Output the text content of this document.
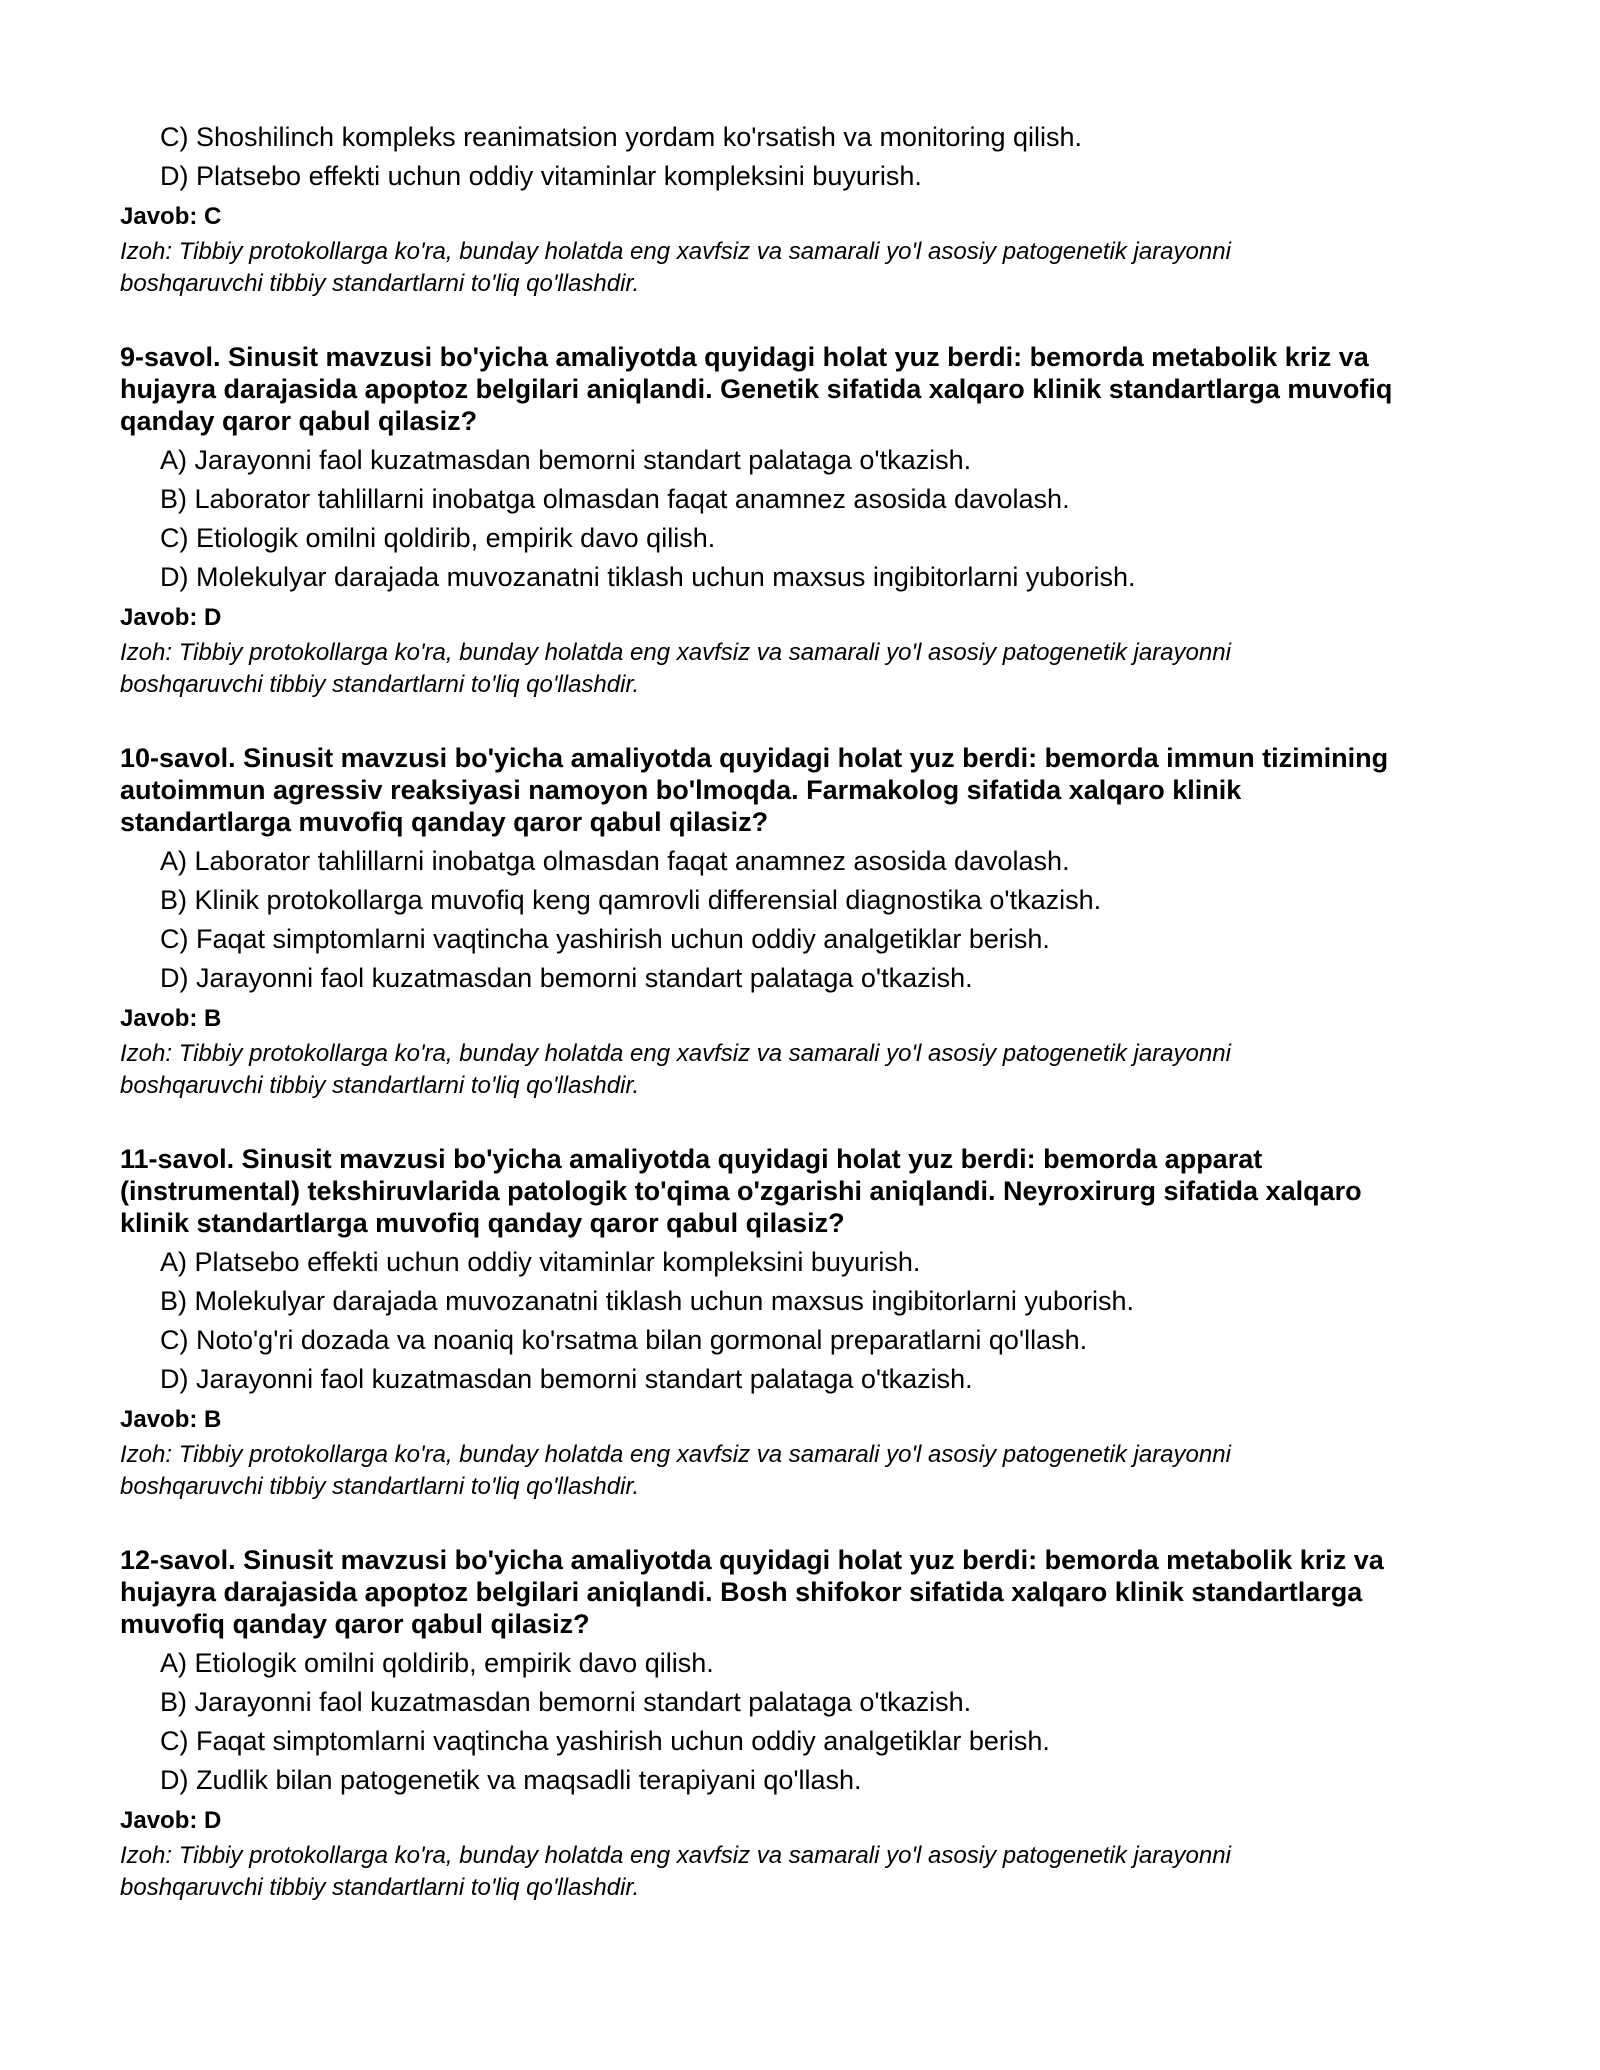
C) Shoshilinch kompleks reanimatsion yordam ko'rsatish va monitoring qilish.
D) Platsebo effekti uchun oddiy vitaminlar kompleksini buyurish.
Javob: C
Izoh: Tibbiy protokollarga ko'ra, bunday holatda eng xavfsiz va samarali yo'l asosiy patogenetik jarayonni
boshqaruvchi tibbiy standartlarni to'liq qo'llashdir.
9-savol. Sinusit mavzusi bo'yicha amaliyotda quyidagi holat yuz berdi: bemorda metabolik kriz va
hujayra darajasida apoptoz belgilari aniqlandi. Genetik sifatida xalqaro klinik standartlarga muvofiq
qanday qaror qabul qilasiz?
A) Jarayonni faol kuzatmasdan bemorni standart palataga o'tkazish.
B) Laborator tahlillarni inobatga olmasdan faqat anamnez asosida davolash.
C) Etiologik omilni qoldirib, empirik davo qilish.
D) Molekulyar darajada muvozanatni tiklash uchun maxsus ingibitorlarni yuborish.
Javob: D
Izoh: Tibbiy protokollarga ko'ra, bunday holatda eng xavfsiz va samarali yo'l asosiy patogenetik jarayonni
boshqaruvchi tibbiy standartlarni to'liq qo'llashdir.
10-savol. Sinusit mavzusi bo'yicha amaliyotda quyidagi holat yuz berdi: bemorda immun tizimining
autoimmun agressiv reaksiyasi namoyon bo'lmoqda. Farmakolog sifatida xalqaro klinik
standartlarga muvofiq qanday qaror qabul qilasiz?
A) Laborator tahlillarni inobatga olmasdan faqat anamnez asosida davolash.
B) Klinik protokollarga muvofiq keng qamrovli differensial diagnostika o'tkazish.
C) Faqat simptomlarni vaqtincha yashirish uchun oddiy analgetiklar berish.
D) Jarayonni faol kuzatmasdan bemorni standart palataga o'tkazish.
Javob: B
Izoh: Tibbiy protokollarga ko'ra, bunday holatda eng xavfsiz va samarali yo'l asosiy patogenetik jarayonni
boshqaruvchi tibbiy standartlarni to'liq qo'llashdir.
11-savol. Sinusit mavzusi bo'yicha amaliyotda quyidagi holat yuz berdi: bemorda apparat
(instrumental) tekshiruvlarida patologik to'qima o'zgarishi aniqlandi. Neyroxirurg sifatida xalqaro
klinik standartlarga muvofiq qanday qaror qabul qilasiz?
A) Platsebo effekti uchun oddiy vitaminlar kompleksini buyurish.
B) Molekulyar darajada muvozanatni tiklash uchun maxsus ingibitorlarni yuborish.
C) Noto'g'ri dozada va noaniq ko'rsatma bilan gormonal preparatlarni qo'llash.
D) Jarayonni faol kuzatmasdan bemorni standart palataga o'tkazish.
Javob: B
Izoh: Tibbiy protokollarga ko'ra, bunday holatda eng xavfsiz va samarali yo'l asosiy patogenetik jarayonni
boshqaruvchi tibbiy standartlarni to'liq qo'llashdir.
12-savol. Sinusit mavzusi bo'yicha amaliyotda quyidagi holat yuz berdi: bemorda metabolik kriz va
hujayra darajasida apoptoz belgilari aniqlandi. Bosh shifokor sifatida xalqaro klinik standartlarga
muvofiq qanday qaror qabul qilasiz?
A) Etiologik omilni qoldirib, empirik davo qilish.
B) Jarayonni faol kuzatmasdan bemorni standart palataga o'tkazish.
C) Faqat simptomlarni vaqtincha yashirish uchun oddiy analgetiklar berish.
D) Zudlik bilan patogenetik va maqsadli terapiyani qo'llash.
Javob: D
Izoh: Tibbiy protokollarga ko'ra, bunday holatda eng xavfsiz va samarali yo'l asosiy patogenetik jarayonni
boshqaruvchi tibbiy standartlarni to'liq qo'llashdir.
